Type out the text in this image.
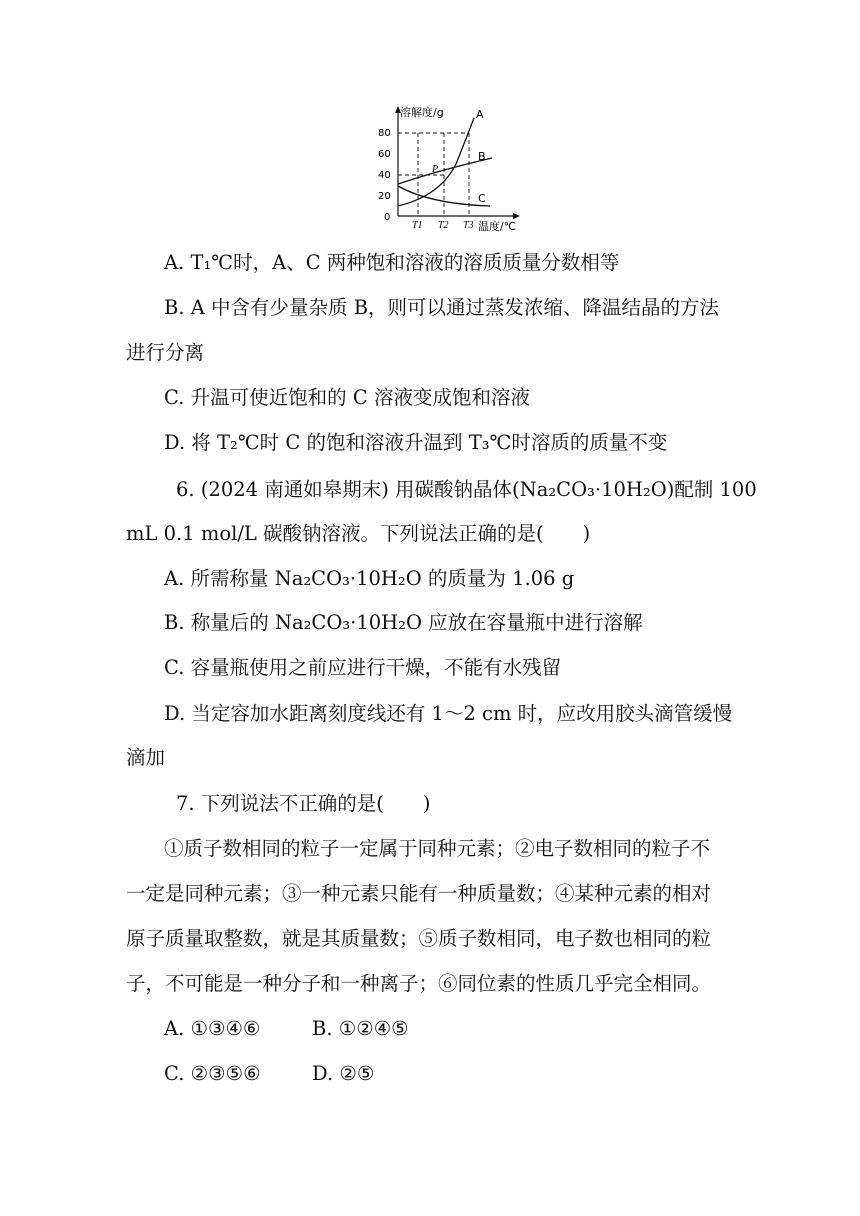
溶解度/g
温度/℃
80
60
40
20
0
A
B
C
P
T1 T2 T3
A. T₁℃时，A、C 两种饱和溶液的溶质质量分数相等
B. A 中含有少量杂质 B，则可以通过蒸发浓缩、降温结晶的方法
进行分离
C. 升温可使近饱和的 C 溶液变成饱和溶液
D. 将 T₂℃时 C 的饱和溶液升温到 T₃℃时溶质的质量不变
6. (2024 南通如皋期末) 用碳酸钠晶体(Na₂CO₃·10H₂O)配制 100
mL 0.1 mol/L 碳酸钠溶液。下列说法正确的是(　　)
A. 所需称量 Na₂CO₃·10H₂O 的质量为 1.06 g
B. 称量后的 Na₂CO₃·10H₂O 应放在容量瓶中进行溶解
C. 容量瓶使用之前应进行干燥，不能有水残留
D. 当定容加水距离刻度线还有 1～2 cm 时，应改用胶头滴管缓慢
滴加
7. 下列说法不正确的是(　　)
①质子数相同的粒子一定属于同种元素；②电子数相同的粒子不
一定是同种元素；③一种元素只能有一种质量数；④某种元素的相对
原子质量取整数，就是其质量数；⑤质子数相同，电子数也相同的粒
子，不可能是一种分子和一种离子；⑥同位素的性质几乎完全相同。
A. ①③④⑥	B. ①②④⑤
C. ②③⑤⑥	D. ②⑤
